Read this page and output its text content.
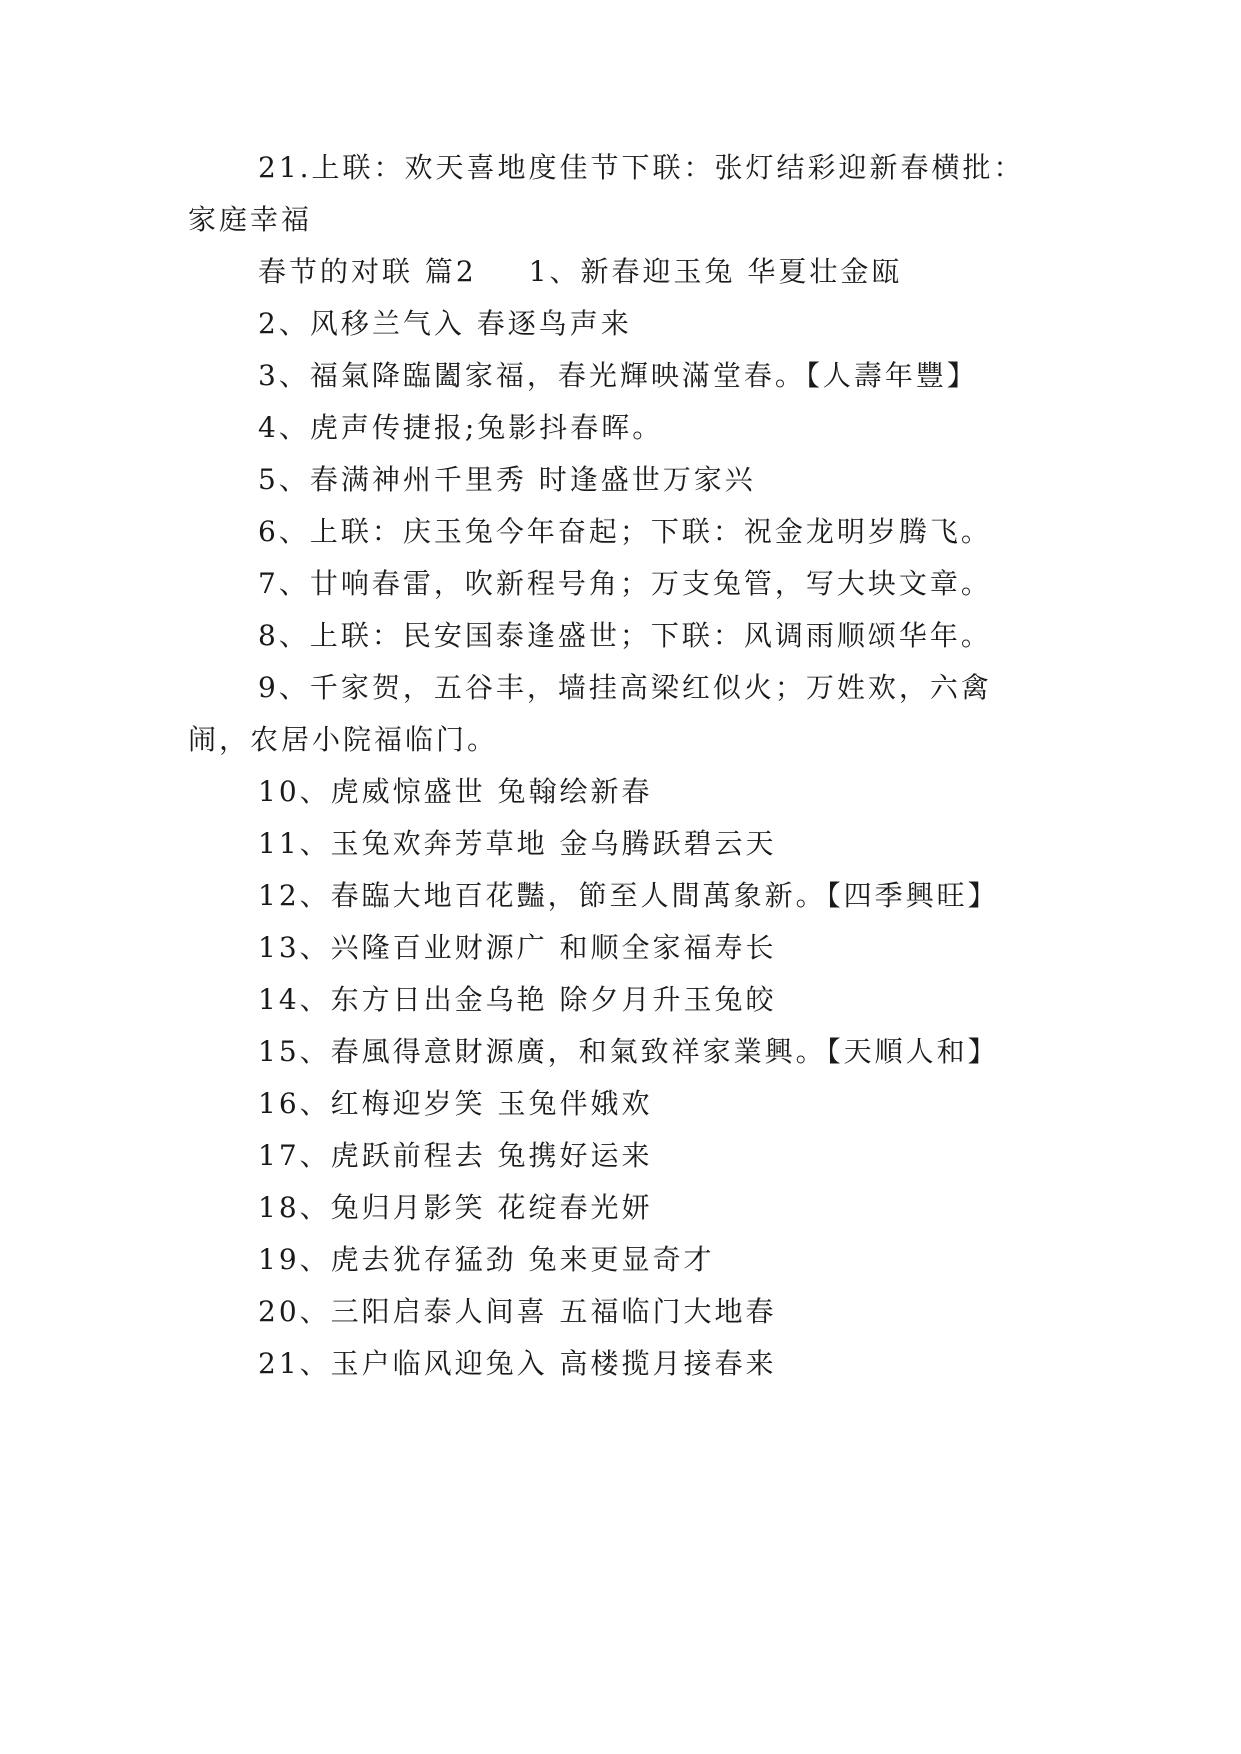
21.上联：欢天喜地度佳节下联：张灯结彩迎新春横批：
家庭幸福
春节的对联 篇2 1、新春迎玉兔 华夏壮金瓯
2、风移兰气入 春逐鸟声来
3、福氣降臨闔家福，春光輝映滿堂春。【人壽年豐】
4、虎声传捷报;兔影抖春晖。
5、春满神州千里秀 时逢盛世万家兴
6、上联：庆玉兔今年奋起；下联：祝金龙明岁腾飞。
7、廿响春雷，吹新程号角；万支兔管，写大块文章。
8、上联：民安国泰逢盛世；下联：风调雨顺颂华年。
9、千家贺，五谷丰，墙挂高梁红似火；万姓欢，六禽
闹，农居小院福临门。
10、虎威惊盛世 兔翰绘新春
11、玉兔欢奔芳草地 金乌腾跃碧云天
12、春臨大地百花豔，節至人間萬象新。【四季興旺】
13、兴隆百业财源广 和顺全家福寿长
14、东方日出金乌艳 除夕月升玉兔皎
15、春風得意財源廣，和氣致祥家業興。【天順人和】
16、红梅迎岁笑 玉兔伴娥欢
17、虎跃前程去 兔携好运来
18、兔归月影笑 花绽春光妍
19、虎去犹存猛劲 兔来更显奇才
20、三阳启泰人间喜 五福临门大地春
21、玉户临风迎兔入 高楼揽月接春来
